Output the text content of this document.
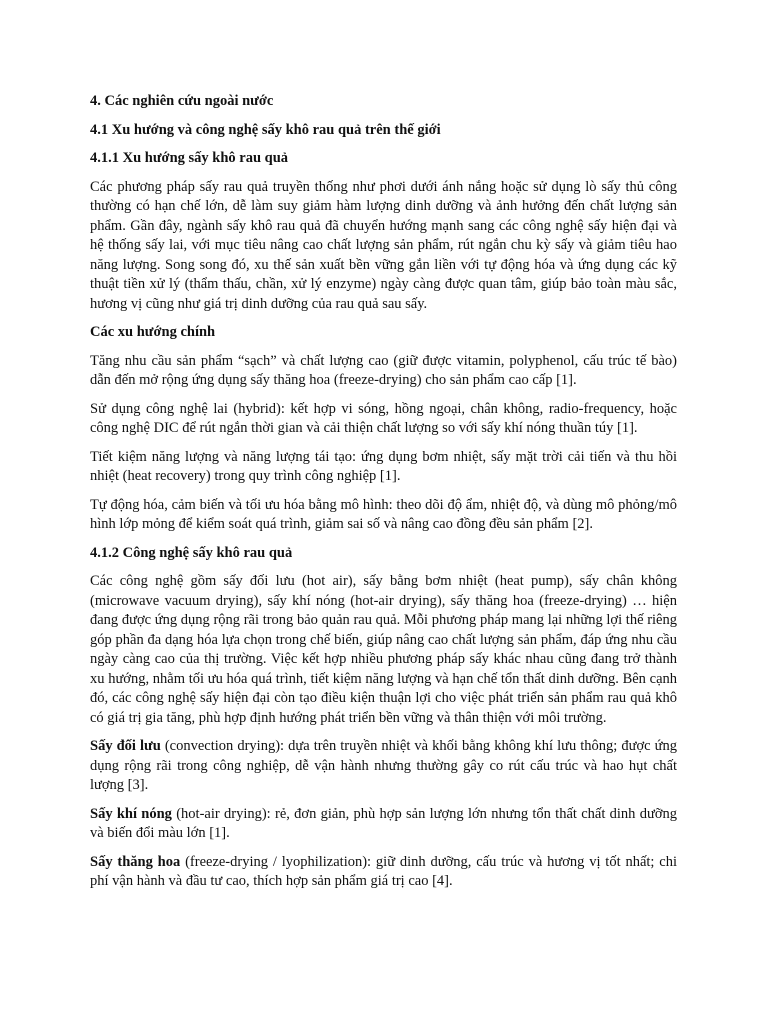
4. Các nghiên cứu ngoài nước
4.1 Xu hướng và công nghệ sấy khô rau quả trên thế giới
4.1.1 Xu hướng sấy khô rau quả
Các phương pháp sấy rau quả truyền thống như phơi dưới ánh nắng hoặc sử dụng lò sấy thủ công thường có hạn chế lớn, dễ làm suy giảm hàm lượng dinh dưỡng và ảnh hưởng đến chất lượng sản phẩm. Gần đây, ngành sấy khô rau quả đã chuyển hướng mạnh sang các công nghệ sấy hiện đại và hệ thống sấy lai, với mục tiêu nâng cao chất lượng sản phẩm, rút ngắn chu kỳ sấy và giảm tiêu hao năng lượng. Song song đó, xu thế sản xuất bền vững gắn liền với tự động hóa và ứng dụng các kỹ thuật tiền xử lý (thẩm thấu, chần, xử lý enzyme) ngày càng được quan tâm, giúp bảo toàn màu sắc, hương vị cũng như giá trị dinh dưỡng của rau quả sau sấy.
Các xu hướng chính
Tăng nhu cầu sản phẩm “sạch” và chất lượng cao (giữ được vitamin, polyphenol, cấu trúc tế bào) dẫn đến mở rộng ứng dụng sấy thăng hoa (freeze-drying) cho sản phẩm cao cấp [1].
Sử dụng công nghệ lai (hybrid): kết hợp vi sóng, hồng ngoại, chân không, radio-frequency, hoặc công nghệ DIC để rút ngắn thời gian và cải thiện chất lượng so với sấy khí nóng thuần túy [1].
Tiết kiệm năng lượng và năng lượng tái tạo: ứng dụng bơm nhiệt, sấy mặt trời cải tiến và thu hồi nhiệt (heat recovery) trong quy trình công nghiệp [1].
Tự động hóa, cảm biến và tối ưu hóa bằng mô hình: theo dõi độ ẩm, nhiệt độ, và dùng mô phỏng/mô hình lớp mỏng để kiểm soát quá trình, giảm sai số và nâng cao đồng đều sản phẩm [2].
4.1.2 Công nghệ sấy khô rau quả
Các công nghệ gồm sấy đối lưu (hot air), sấy bằng bơm nhiệt (heat pump), sấy chân không (microwave vacuum drying), sấy khí nóng (hot-air drying), sấy thăng hoa (freeze-drying) … hiện đang được ứng dụng rộng rãi trong bảo quản rau quả. Mỗi phương pháp mang lại những lợi thế riêng góp phần đa dạng hóa lựa chọn trong chế biến, giúp nâng cao chất lượng sản phẩm, đáp ứng nhu cầu ngày càng cao của thị trường. Việc kết hợp nhiều phương pháp sấy khác nhau cũng đang trở thành xu hướng, nhằm tối ưu hóa quá trình, tiết kiệm năng lượng và hạn chế tổn thất dinh dưỡng. Bên cạnh đó, các công nghệ sấy hiện đại còn tạo điều kiện thuận lợi cho việc phát triển sản phẩm rau quả khô có giá trị gia tăng, phù hợp định hướng phát triển bền vững và thân thiện với môi trường.
Sấy đối lưu (convection drying): dựa trên truyền nhiệt và khối bằng không khí lưu thông; được ứng dụng rộng rãi trong công nghiệp, dễ vận hành nhưng thường gây co rút cấu trúc và hao hụt chất lượng [3].
Sấy khí nóng (hot-air drying): rẻ, đơn giản, phù hợp sản lượng lớn nhưng tổn thất chất dinh dưỡng và biến đổi màu lớn [1].
Sấy thăng hoa (freeze-drying / lyophilization): giữ dinh dưỡng, cấu trúc và hương vị tốt nhất; chi phí vận hành và đầu tư cao, thích hợp sản phẩm giá trị cao [4].
